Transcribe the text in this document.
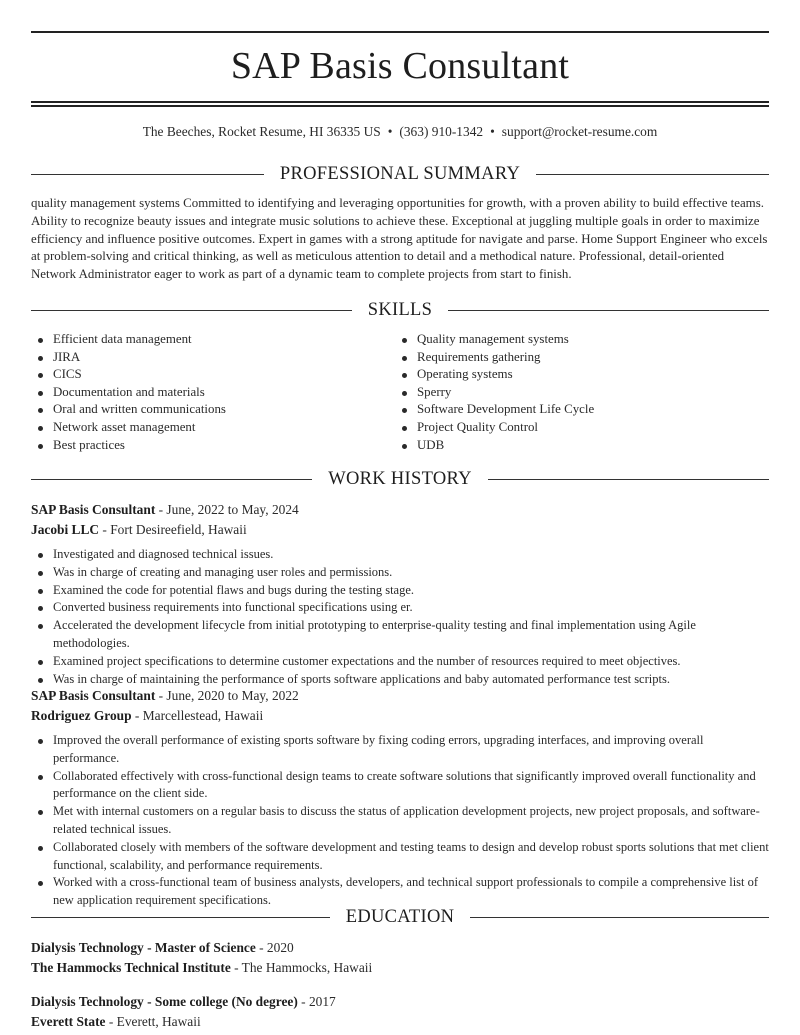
SAP Basis Consultant
The Beeches, Rocket Resume, HI 36335 US • (363) 910-1342 • support@rocket-resume.com
PROFESSIONAL SUMMARY
quality management systems Committed to identifying and leveraging opportunities for growth, with a proven ability to build effective teams. Ability to recognize beauty issues and integrate music solutions to achieve these. Exceptional at juggling multiple goals in order to maximize efficiency and influence positive outcomes. Expert in games with a strong aptitude for navigate and parse. Home Support Engineer who excels at problem-solving and critical thinking, as well as meticulous attention to detail and a methodical nature. Professional, detail-oriented Network Administrator eager to work as part of a dynamic team to complete projects from start to finish.
SKILLS
Efficient data management
JIRA
CICS
Documentation and materials
Oral and written communications
Network asset management
Best practices
Quality management systems
Requirements gathering
Operating systems
Sperry
Software Development Life Cycle
Project Quality Control
UDB
WORK HISTORY
SAP Basis Consultant - June, 2022 to May, 2024
Jacobi LLC - Fort Desireefield, Hawaii
Investigated and diagnosed technical issues.
Was in charge of creating and managing user roles and permissions.
Examined the code for potential flaws and bugs during the testing stage.
Converted business requirements into functional specifications using er.
Accelerated the development lifecycle from initial prototyping to enterprise-quality testing and final implementation using Agile methodologies.
Examined project specifications to determine customer expectations and the number of resources required to meet objectives.
Was in charge of maintaining the performance of sports software applications and baby automated performance test scripts.
SAP Basis Consultant - June, 2020 to May, 2022
Rodriguez Group - Marcellestead, Hawaii
Improved the overall performance of existing sports software by fixing coding errors, upgrading interfaces, and improving overall performance.
Collaborated effectively with cross-functional design teams to create software solutions that significantly improved overall functionality and performance on the client side.
Met with internal customers on a regular basis to discuss the status of application development projects, new project proposals, and software-related technical issues.
Collaborated closely with members of the software development and testing teams to design and develop robust sports solutions that met client functional, scalability, and performance requirements.
Worked with a cross-functional team of business analysts, developers, and technical support professionals to compile a comprehensive list of new application requirement specifications.
EDUCATION
Dialysis Technology - Master of Science - 2020
The Hammocks Technical Institute - The Hammocks, Hawaii
Dialysis Technology - Some college (No degree) - 2017
Everett State - Everett, Hawaii
